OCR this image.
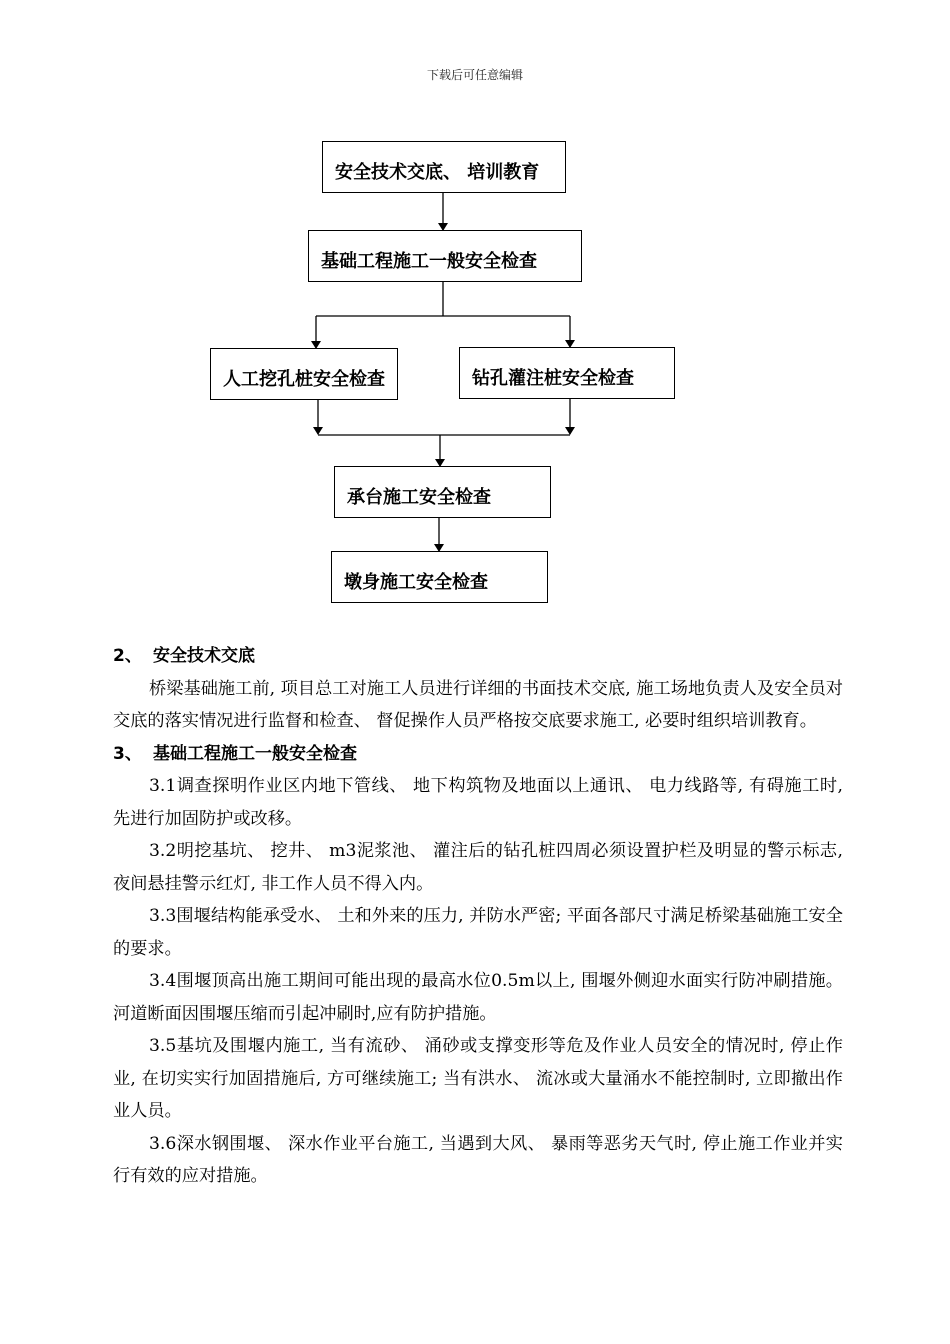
下载后可任意编辑
安全技术交底、 培训教育
基础工程施工一般安全检查
人工挖孔桩安全检查	钻孔灌注桩安全检查
承台施工安全检查
墩身施工安全检查

2、 安全技术交底

桥梁基础施工前, 项目总工对施工人员进行详细的书面技术交底, 施工场地负责人及安全员对交底的落实情况进行监督和检查、 督促操作人员严格按交底要求施工, 必要时组织培训教育。

3、 基础工程施工一般安全检查

3.1调查探明作业区内地下管线、 地下构筑物及地面以上通讯、 电力线路等, 有碍施工时, 先进行加固防护或改移。

3.2明挖基坑、 挖井、 m3泥浆池、 灌注后的钻孔桩四周必须设置护栏及明显的警示标志, 夜间悬挂警示红灯, 非工作人员不得入内。

3.3围堰结构能承受水、 土和外来的压力, 并防水严密; 平面各部尺寸满足桥梁基础施工安全的要求。

3.4围堰顶高出施工期间可能出现的最高水位0.5m以上, 围堰外侧迎水面实行防冲刷措施。河道断面因围堰压缩而引起冲刷时,应有防护措施。

3.5基坑及围堰内施工, 当有流砂、 涌砂或支撑变形等危及作业人员安全的情况时, 停止作业, 在切实实行加固措施后, 方可继续施工; 当有洪水、 流冰或大量涌水不能控制时, 立即撤出作业人员。

3.6深水钢围堰、 深水作业平台施工, 当遇到大风、 暴雨等恶劣天气时, 停止施工作业并实行有效的应对措施。
